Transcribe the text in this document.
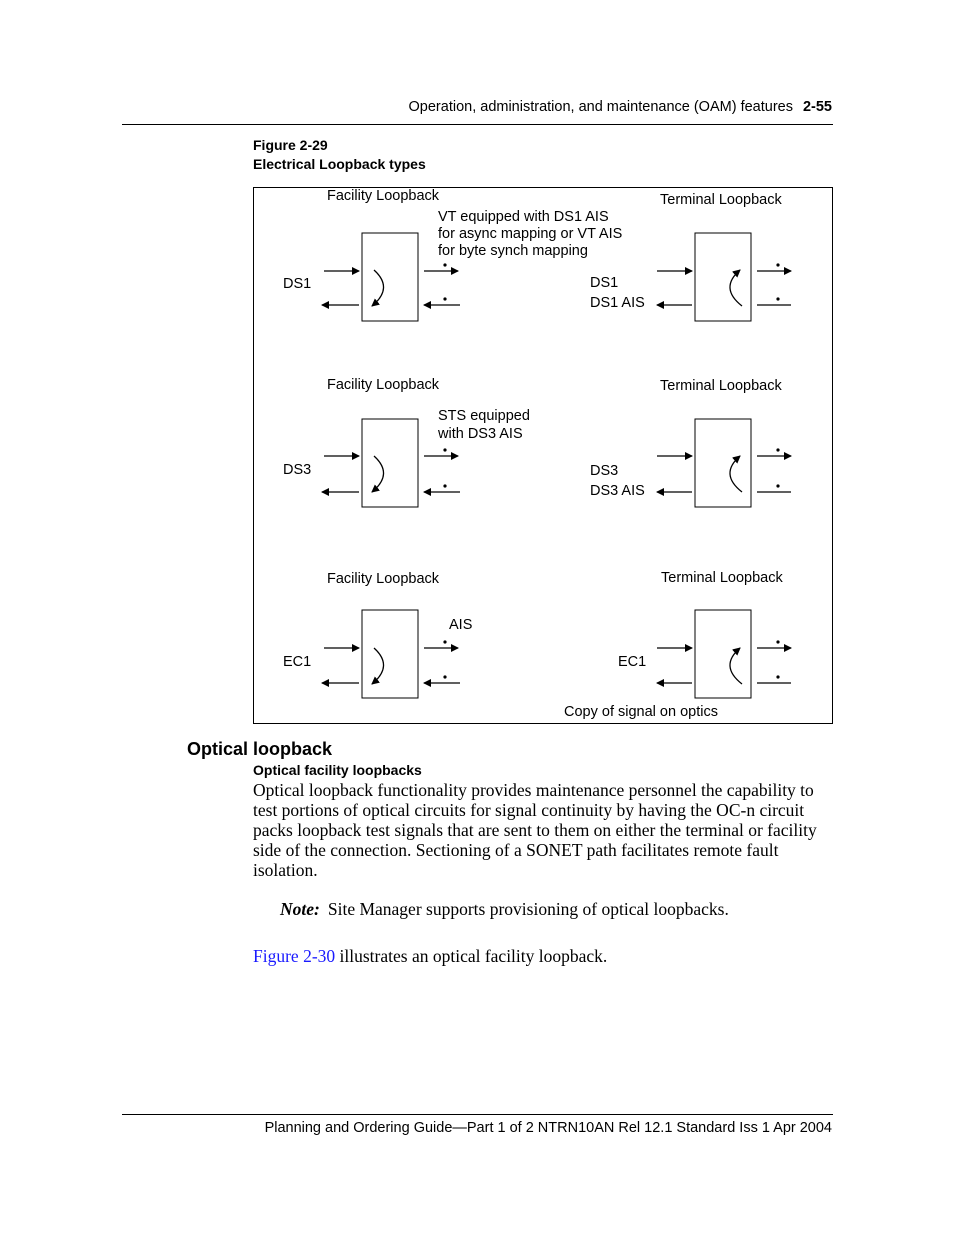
Operation, administration, and maintenance (OAM) features 2-55
Figure 2-29
Electrical Loopback types
Facility Loopback	Terminal Loopback
VT equipped with DS1 AIS
for async mapping or VT AIS
for byte synch mapping
DS1	DS1
DS1 AIS
Facility Loopback	Terminal Loopback
STS equipped
with DS3 AIS
DS3	DS3
DS3 AIS
Facility Loopback	Terminal Loopback
AIS
EC1	EC1
Copy of signal on optics
Optical loopback
Optical facility loopbacks
Optical loopback functionality provides maintenance personnel the capability to test portions of optical circuits for signal continuity by having the OC-n circuit packs loopback test signals that are sent to them on either the terminal or facility side of the connection. Sectioning of a SONET path facilitates remote fault isolation.
Note: Site Manager supports provisioning of optical loopbacks.
Figure 2-30 illustrates an optical facility loopback.
Planning and Ordering Guide—Part 1 of 2 NTRN10AN Rel 12.1 Standard Iss 1 Apr 2004
